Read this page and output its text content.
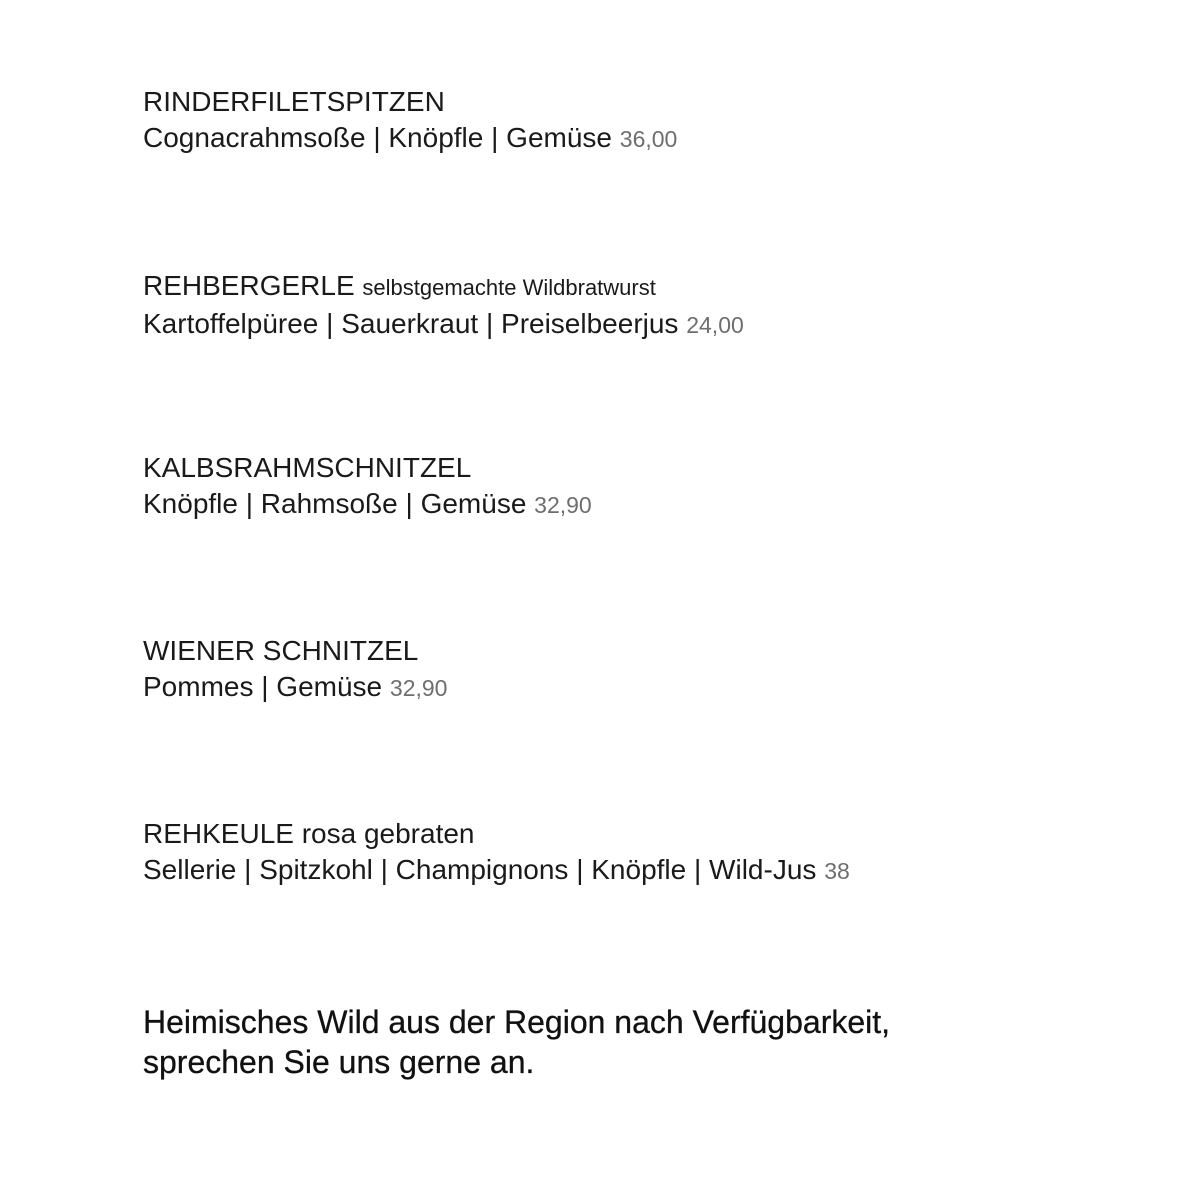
RINDERFILETSPITZEN
Cognacrahmsoße | Knöpfle | Gemüse 36,00
REHBERGERLE selbstgemachte Wildbratwurst
Kartoffelpüree | Sauerkraut | Preiselbeerjus 24,00
KALBSRAHMSCHNITZEL
Knöpfle | Rahmsoße | Gemüse 32,90
WIENER SCHNITZEL
Pommes | Gemüse 32,90
REHKEULE rosa gebraten
Sellerie | Spitzkohl | Champignons | Knöpfle | Wild-Jus 38
Heimisches Wild aus der Region nach Verfügbarkeit,
sprechen Sie uns gerne an.
